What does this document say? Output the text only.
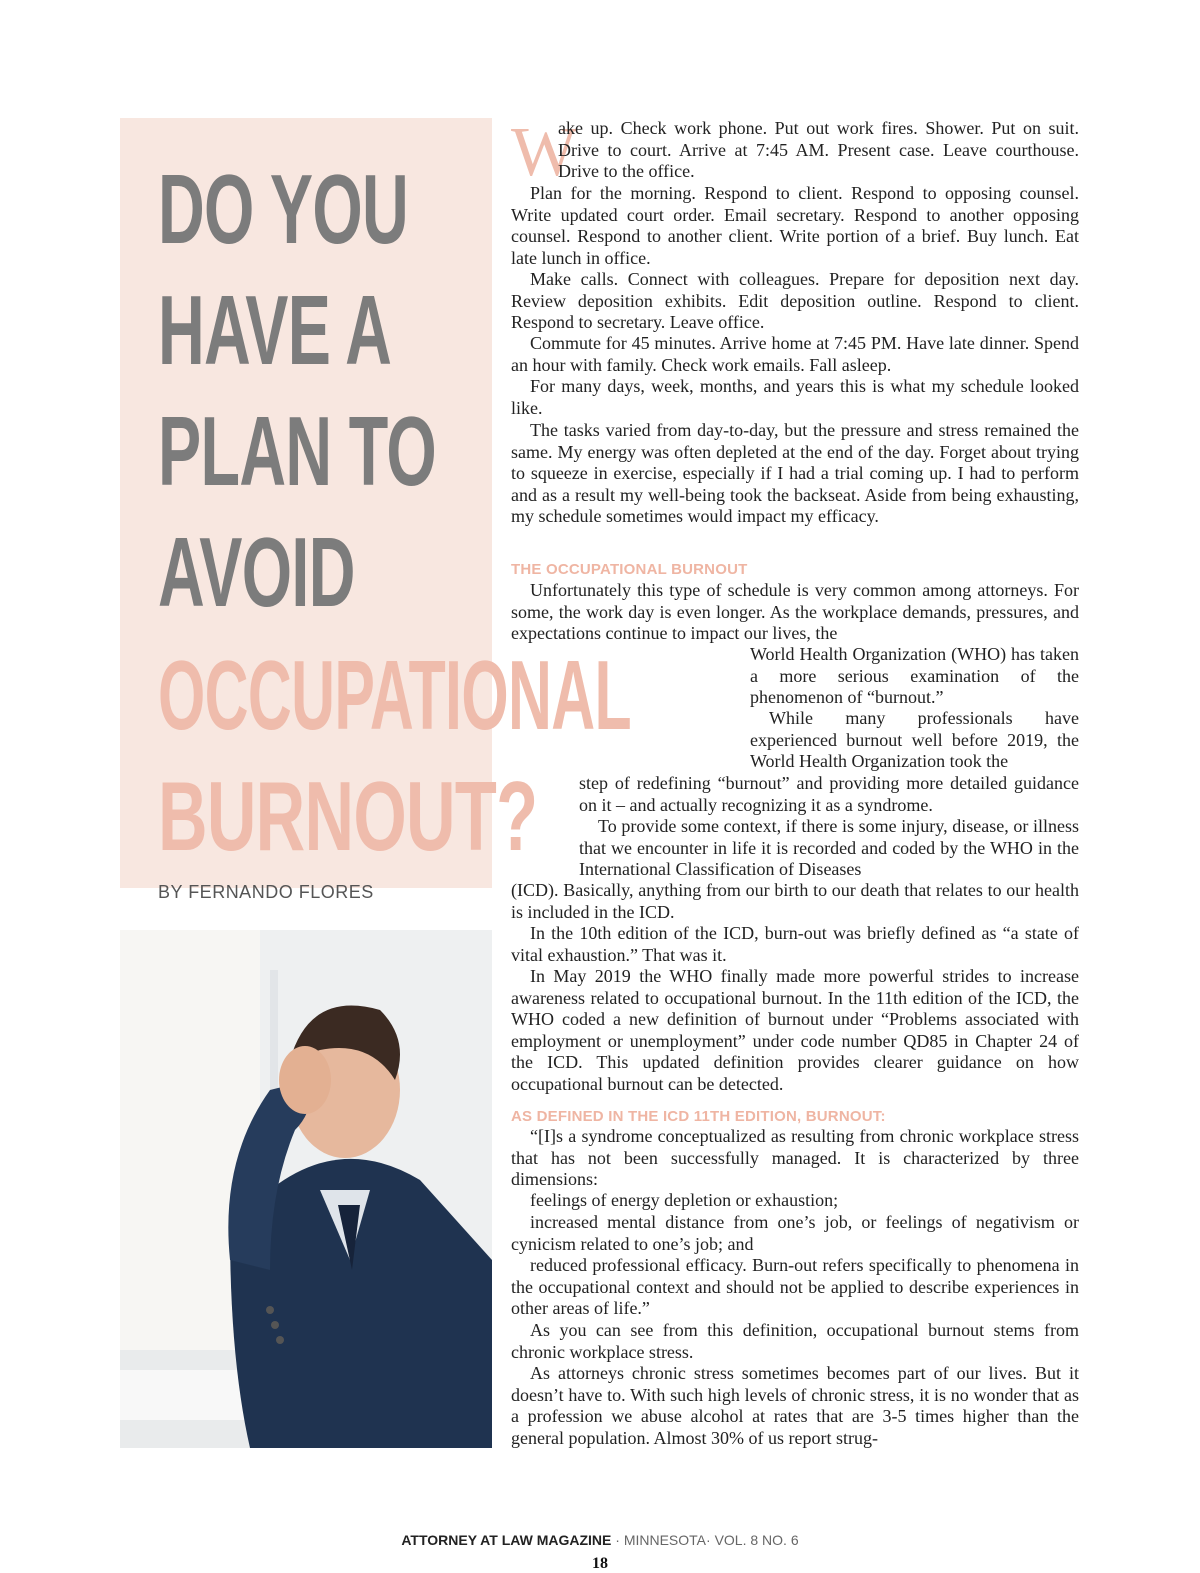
DO YOU
HAVE A
PLAN TO
AVOID
OCCUPATIONAL
BURNOUT?
BY FERNANDO FLORES
W

ake up. Check work phone. Put out work fires. Shower. Put on suit. Drive to court. Arrive at 7:45 AM. Present case. Leave courthouse. Drive to the office.

Plan for the morning. Respond to client. Respond to opposing counsel. Write updated court order. Email secretary. Respond to another opposing counsel. Respond to another client. Write portion of a brief. Buy lunch. Eat late lunch in office.

Make calls. Connect with colleagues. Prepare for deposition next day. Review deposition exhibits. Edit deposition outline. Respond to client. Respond to secretary. Leave office.

Commute for 45 minutes. Arrive home at 7:45 PM. Have late dinner. Spend an hour with family. Check work emails. Fall asleep.

For many days, week, months, and years this is what my schedule looked like.

The tasks varied from day-to-day, but the pressure and stress remained the same. My energy was often depleted at the end of the day. Forget about trying to squeeze in exercise, especially if I had a trial coming up. I had to perform and as a result my well-being took the backseat. Aside from being exhausting, my schedule sometimes would impact my efficacy.

THE OCCUPATIONAL BURNOUT

Unfortunately this type of schedule is very common among attorneys. For some, the work day is even longer. As the workplace demands, pressures, and expectations continue to impact our lives, the

World Health Organization (WHO) has taken a more serious examination of the phenomenon of “burnout.”

While many professionals have experienced burnout well before 2019, the World Health Organization took the

step of redefining “burnout” and providing more detailed guidance on it – and actually recognizing it as a syndrome.

To provide some context, if there is some injury, disease, or illness that we encounter in life it is recorded and coded by the WHO in the International Classification of Diseases

(ICD). Basically, anything from our birth to our death that relates to our health is included in the ICD.

In the 10th edition of the ICD, burn-out was briefly defined as “a state of vital exhaustion.” That was it.

In May 2019 the WHO finally made more powerful strides to increase awareness related to occupational burnout. In the 11th edition of the ICD, the WHO coded a new definition of burnout under “Problems associated with employment or unemployment” under code number QD85 in Chapter 24 of the ICD. This updated definition provides clearer guidance on how occupational burnout can be detected.

AS DEFINED IN THE ICD 11TH EDITION, BURNOUT:

“[I]s a syndrome conceptualized as resulting from chronic workplace stress that has not been successfully managed. It is characterized by three dimensions:

feelings of energy depletion or exhaustion;

increased mental distance from one’s job, or feelings of negativism or cynicism related to one’s job; and

reduced professional efficacy. Burn-out refers specifically to phenomena in the occupational context and should not be applied to describe experiences in other areas of life.”

As you can see from this definition, occupational burnout stems from chronic workplace stress.

As attorneys chronic stress sometimes becomes part of our lives. But it doesn’t have to. With such high levels of chronic stress, it is no wonder that as a profession we abuse alcohol at rates that are 3-5 times higher than the general population. Almost 30% of us report strug-

ATTORNEY AT LAW MAGAZINE · MINNESOTA· VOL. 8 NO. 6
18
